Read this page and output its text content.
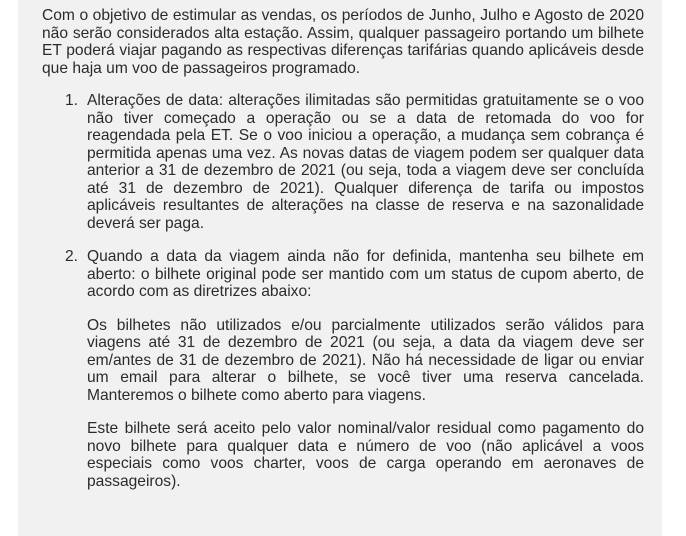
Com o objetivo de estimular as vendas, os períodos de Junho, Julho e Agosto de 2020 não serão considerados alta estação. Assim, qualquer passageiro portando um bilhete ET poderá viajar pagando as respectivas diferenças tarifárias quando aplicáveis desde que haja um voo de passageiros programado.

1. Alterações de data: alterações ilimitadas são permitidas gratuitamente se o voo não tiver começado a operação ou se a data de retomada do voo for reagendada pela ET. Se o voo iniciou a operação, a mudança sem cobrança é permitida apenas uma vez. As novas datas de viagem podem ser qualquer data anterior a 31 de dezembro de 2021 (ou seja, toda a viagem deve ser concluída até 31 de dezembro de 2021). Qualquer diferença de tarifa ou impostos aplicáveis resultantes de alterações na classe de reserva e na sazonalidade deverá ser paga.

2. Quando a data da viagem ainda não for definida, mantenha seu bilhete em aberto: o bilhete original pode ser mantido com um status de cupom aberto, de acordo com as diretrizes abaixo:

Os bilhetes não utilizados e/ou parcialmente utilizados serão válidos para viagens até 31 de dezembro de 2021 (ou seja, a data da viagem deve ser em/antes de 31 de dezembro de 2021). Não há necessidade de ligar ou enviar um email para alterar o bilhete, se você tiver uma reserva cancelada. Manteremos o bilhete como aberto para viagens.

Este bilhete será aceito pelo valor nominal/valor residual como pagamento do novo bilhete para qualquer data e número de voo (não aplicável a voos especiais como voos charter, voos de carga operando em aeronaves de passageiros).
